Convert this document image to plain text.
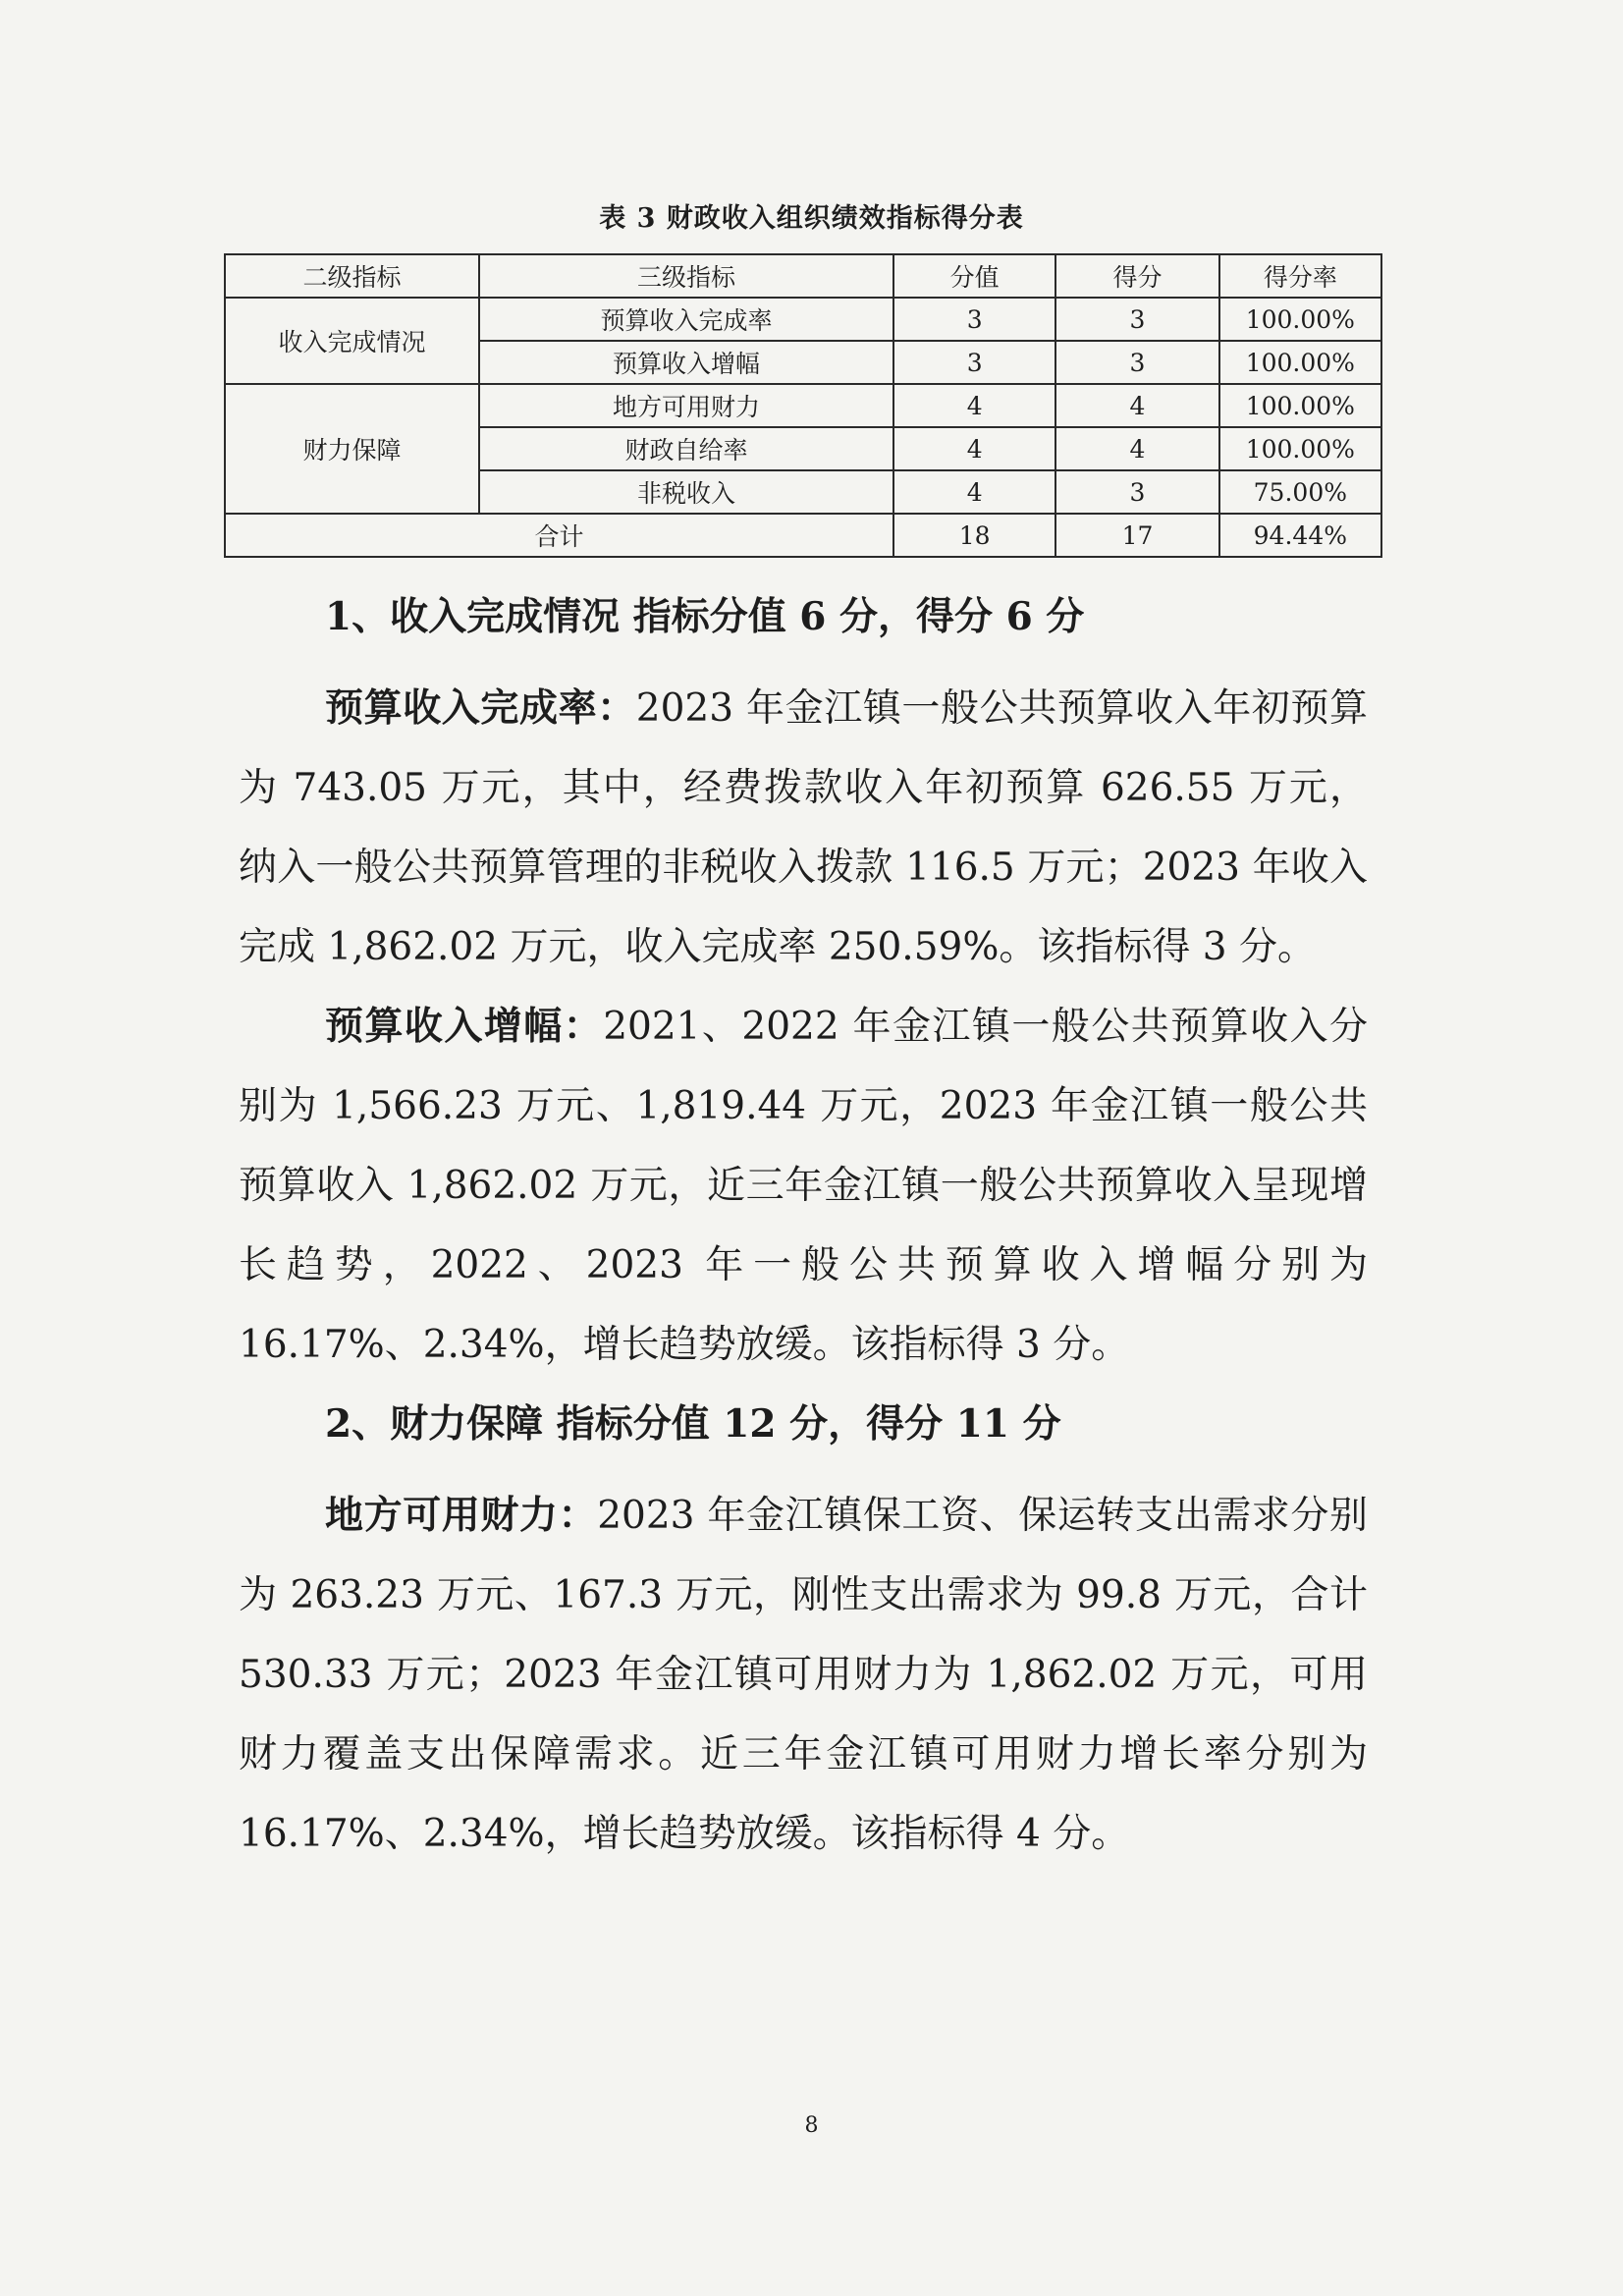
表 3 财政收入组织绩效指标得分表
二级指标	三级指标	分值	得分	得分率
收入完成情况	预算收入完成率	3	3	100.00%
	预算收入增幅	3	3	100.00%
财力保障	地方可用财力	4	4	100.00%
	财政自给率	4	4	100.00%
	非税收入	4	3	75.00%
合计		18	17	94.44%

1、收入完成情况 指标分值 6 分，得分 6 分

预算收入完成率：2023 年金江镇一般公共预算收入年初预算为 743.05 万元，其中，经费拨款收入年初预算 626.55 万元， 纳入一般公共预算管理的非税收入拨款 116.5 万元；2023 年收入完成 1,862.02 万元，收入完成率 250.59%。该指标得 3 分。

预算收入增幅：2021、2022 年金江镇一般公共预算收入分别为 1,566.23 万元、1,819.44 万元，2023 年金江镇一般公共预算收入 1,862.02 万元，近三年金江镇一般公共预算收入呈现增长趋势，2022、2023 年一般公共预算收入增幅分别为 16.17%、2.34%，增长趋势放缓。该指标得 3 分。

2、财力保障 指标分值 12 分，得分 11 分

地方可用财力：2023 年金江镇保工资、保运转支出需求分别为 263.23 万元、167.3 万元，刚性支出需求为 99.8 万元，合计 530.33 万元；2023 年金江镇可用财力为 1,862.02 万元，可用财力覆盖支出保障需求。近三年金江镇可用财力增长率分别为 16.17%、2.34%，增长趋势放缓。该指标得 4 分。

8
